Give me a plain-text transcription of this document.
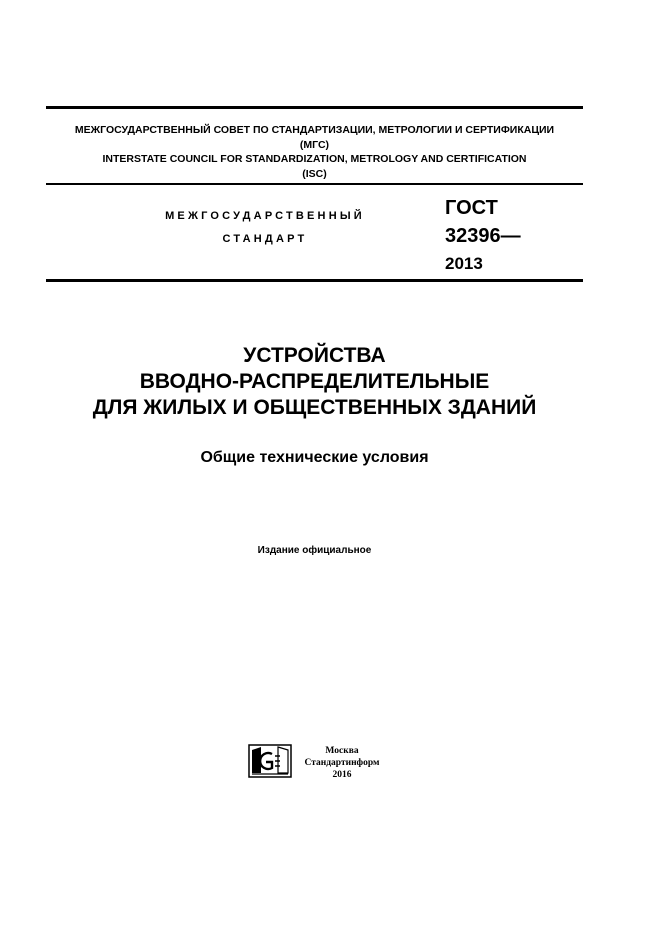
МЕЖГОСУДАРСТВЕННЫЙ СОВЕТ ПО СТАНДАРТИЗАЦИИ, МЕТРОЛОГИИ И СЕРТИФИКАЦИИ
(МГС)
INTERSTATE COUNCIL FOR STANDARDIZATION, METROLOGY AND CERTIFICATION
(ISC)
МЕЖГОСУДАРСТВЕННЫЙ
СТАНДАРТ
ГОСТ
32396—
2013
УСТРОЙСТВА
ВВОДНО-РАСПРЕДЕЛИТЕЛЬНЫЕ
ДЛЯ ЖИЛЫХ И ОБЩЕСТВЕННЫХ ЗДАНИЙ
Общие технические условия
Издание официальное
Москва
Стандартинформ
2016
